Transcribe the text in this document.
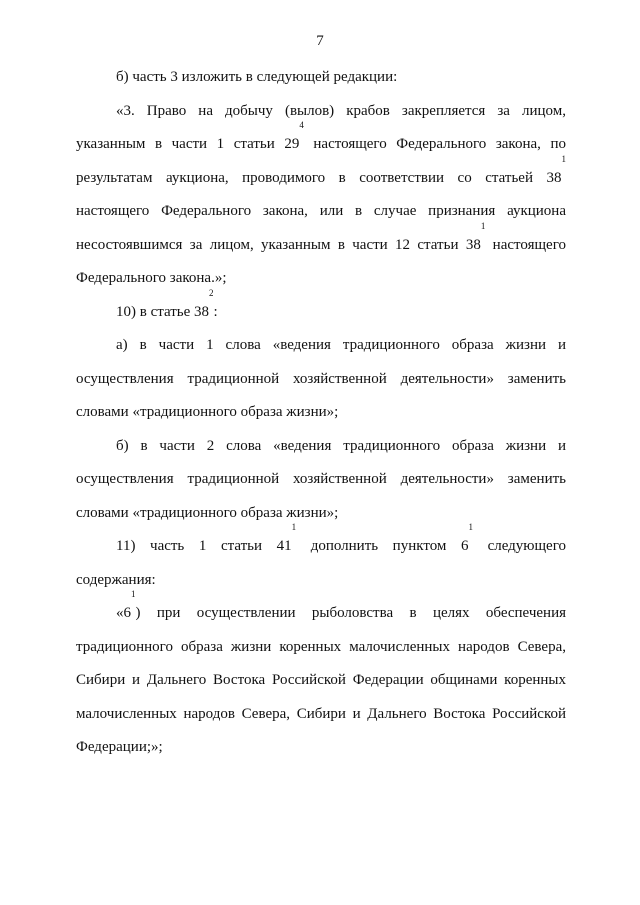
7
б) часть 3 изложить в следующей редакции:
«3. Право на добычу (вылов) крабов закрепляется за лицом,
указанным в части 1 статьи $29^4$ настоящего Федерального закона, по
результатам аукциона, проводимого в соответствии со статьей $38^1$
настоящего Федерального закона, или в случае признания аукциона
несостоявшимся за лицом, указанным в части 12 статьи $38^1$ настоящего
Федерального закона.»;
10) в статье $38^2$:
а) в части 1 слова «ведения традиционного образа жизни и
осуществления традиционной хозяйственной деятельности» заменить
словами «традиционного образа жизни»;
б) в части 2 слова «ведения традиционного образа жизни и
осуществления традиционной хозяйственной деятельности» заменить
словами «традиционного образа жизни»;
11) часть 1 статьи $41^1$ дополнить пунктом $6^1$ следующего
содержания:
«$6^1$) при осуществлении рыболовства в целях обеспечения
традиционного образа жизни коренных малочисленных народов Севера,
Сибири и Дальнего Востока Российской Федерации общинами коренных
малочисленных народов Севера, Сибири и Дальнего Востока Российской
Федерации;»;
